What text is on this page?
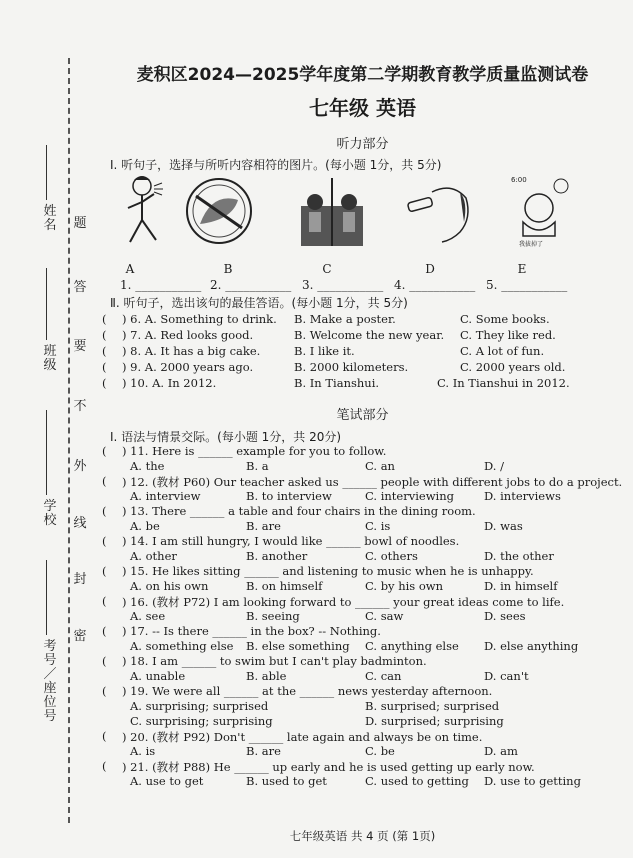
姓名
班级
学校
考号／座位号
题
答
要
不
外
线
封
密
麦积区2024—2025学年度第二学期教育教学质量监测试卷
七年级 英语
听力部分
Ⅰ. 听句子，选择与所听内容相符的图片。(每小题 1分，共 5分)
6:00
我拔掉了
A	B	C	D	E
1. ___________ 2. ___________ 3. ___________ 4. ___________ 5. ___________
Ⅱ. 听句子，选出该句的最佳答语。(每小题 1分，共 5分)
( ) 6. A. Something to drink. B. Make a poster.	C. Some books.
( ) 7. A. Red looks good.	B. Welcome the new year. C. They like red.
( ) 8. A. It has a big cake.	B. I like it.	C. A lot of fun.
( ) 9. A. 2000 years ago.	B. 2000 kilometers.	C. 2000 years old.
( ) 10. A. In 2012.	B. In Tianshui.	C. In Tianshui in 2012.
笔试部分
Ⅰ. 语法与情景交际。(每小题 1分，共 20分)
( ) 11. Here is ______ example for you to follow.
A. the	B. a	C. an	D. /
( ) 12. (教材 P60) Our teacher asked us ______ people with different jobs to do a project.
A. interview	B. to interview	C. interviewing	D. interviews
( ) 13. There ______ a table and four chairs in the dining room.
A. be	B. are	C. is	D. was
( ) 14. I am still hungry, I would like ______ bowl of noodles.
A. other	B. another	C. others	D. the other
( ) 15. He likes sitting ______ and listening to music when he is unhappy.
A. on his own	B. on himself	C. by his own	D. in himself
( ) 16. (教材 P72) I am looking forward to ______ your great ideas come to life.
A. see	B. seeing	C. saw	D. sees
( ) 17. -- Is there ______ in the box? -- Nothing.
A. something else B. else something C. anything else D. else anything
( ) 18. I am ______ to swim but I can't play badminton.
A. unable	B. able	C. can	D. can't
( ) 19. We were all ______ at the ______ news yesterday afternoon.
A. surprising; surprised	B. surprised; surprised
C. surprising; surprising	D. surprised; surprising
( ) 20. (教材 P92) Don't ______ late again and always be on time.
A. is	B. are	C. be	D. am
( ) 21. (教材 P88) He ______ up early and he is used getting up early now.
A. use to get	B. used to get	C. used to getting D. use to getting
七年级英语 共 4 页 (第 1页)
